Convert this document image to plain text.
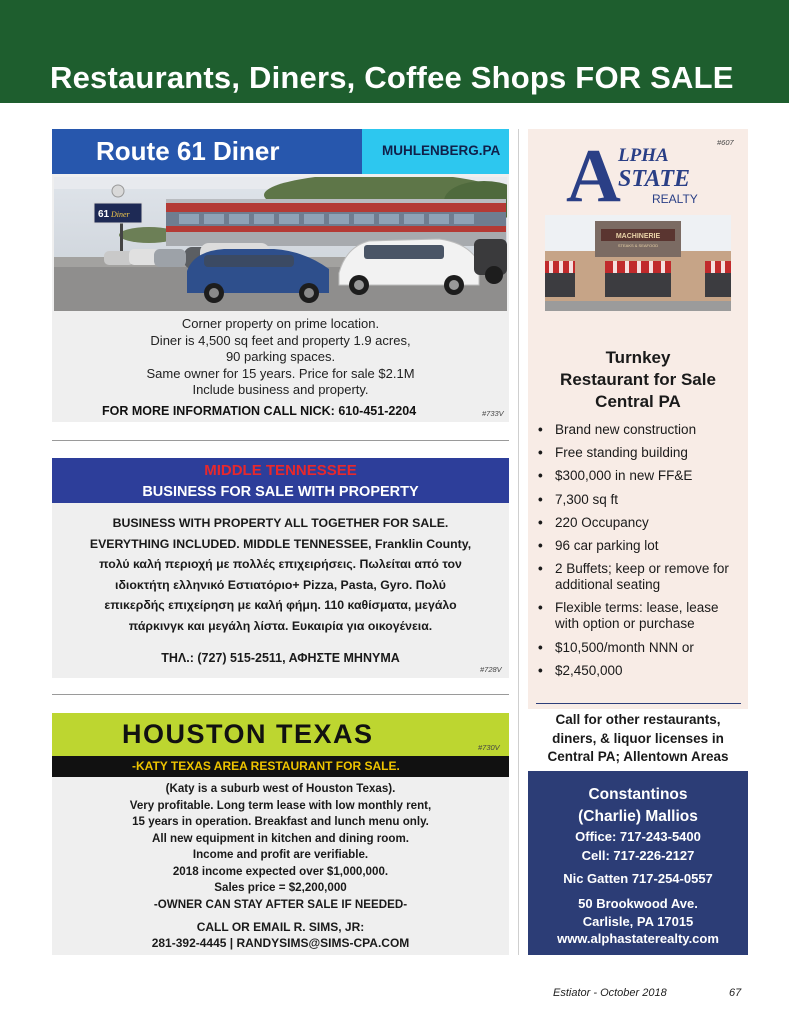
Restaurants, Diners, Coffee Shops FOR SALE
Route 61 Diner	MUHLENBERG.PA
61 Diner
Corner property on prime location.
Diner is 4,500 sq feet and property 1.9 acres,
90 parking spaces.
Same owner for 15 years. Price for sale $2.1M
Include business and property.
FOR MORE INFORMATION CALL NICK: 610-451-2204	#733V
MIDDLE TENNESSEE
BUSINESS FOR SALE WITH PROPERTY
BUSINESS WITH PROPERTY ALL TOGETHER FOR SALE.
EVERYTHING INCLUDED. MIDDLE TENNESSEE, Franklin County,
πολύ καλή περιοχή με πολλές επιχειρήσεις. Πωλείται από τον
ιδιοκτήτη ελληνικό Εστιατόριο+ Pizza, Pasta, Gyro. Πολύ
επικερδής επιχείρηση με καλή φήμη. 110 καθίσματα, μεγάλο
πάρκινγκ και μεγάλη λίστα. Ευκαιρία για οικογένεια.
ΤΗΛ.: (727) 515-2511, ΑΦΗΣΤΕ ΜΗΝΥΜΑ
#728V
HOUSTON TEXAS	#730V
-KATY TEXAS AREA RESTAURANT FOR SALE.
(Katy is a suburb west of Houston Texas).
Very profitable. Long term lease with low monthly rent,
15 years in operation. Breakfast and lunch menu only.
All new equipment in kitchen and dining room.
Income and profit are verifiable.
2018 income expected over $1,000,000.
Sales price = $2,200,000
-OWNER CAN STAY AFTER SALE IF NEEDED-
CALL OR EMAIL R. SIMS, JR:
281-392-4445 | RANDYSIMS@SIMS-CPA.COM
#607
A
LPHA
STATE
REALTY
MACHINERIE
STEAKS & SEAFOOD
Turnkey
Restaurant for Sale
Central PA
• Brand new construction
• Free standing building
• $300,000 in new FF&E
• 7,300 sq ft
• 220 Occupancy
• 96 car parking lot
• 2 Buffets; keep or remove for additional seating
• Flexible terms: lease, lease with option or purchase
• $10,500/month NNN or
• $2,450,000
Call for other restaurants,
diners, & liquor licenses in
Central PA; Allentown Areas
Constantinos
(Charlie) Mallios
Office: 717-243-5400
Cell: 717-226-2127
Nic Gatten 717-254-0557
50 Brookwood Ave.
Carlisle, PA 17015
www.alphastaterealty.com
Estiator - October 2018	67
